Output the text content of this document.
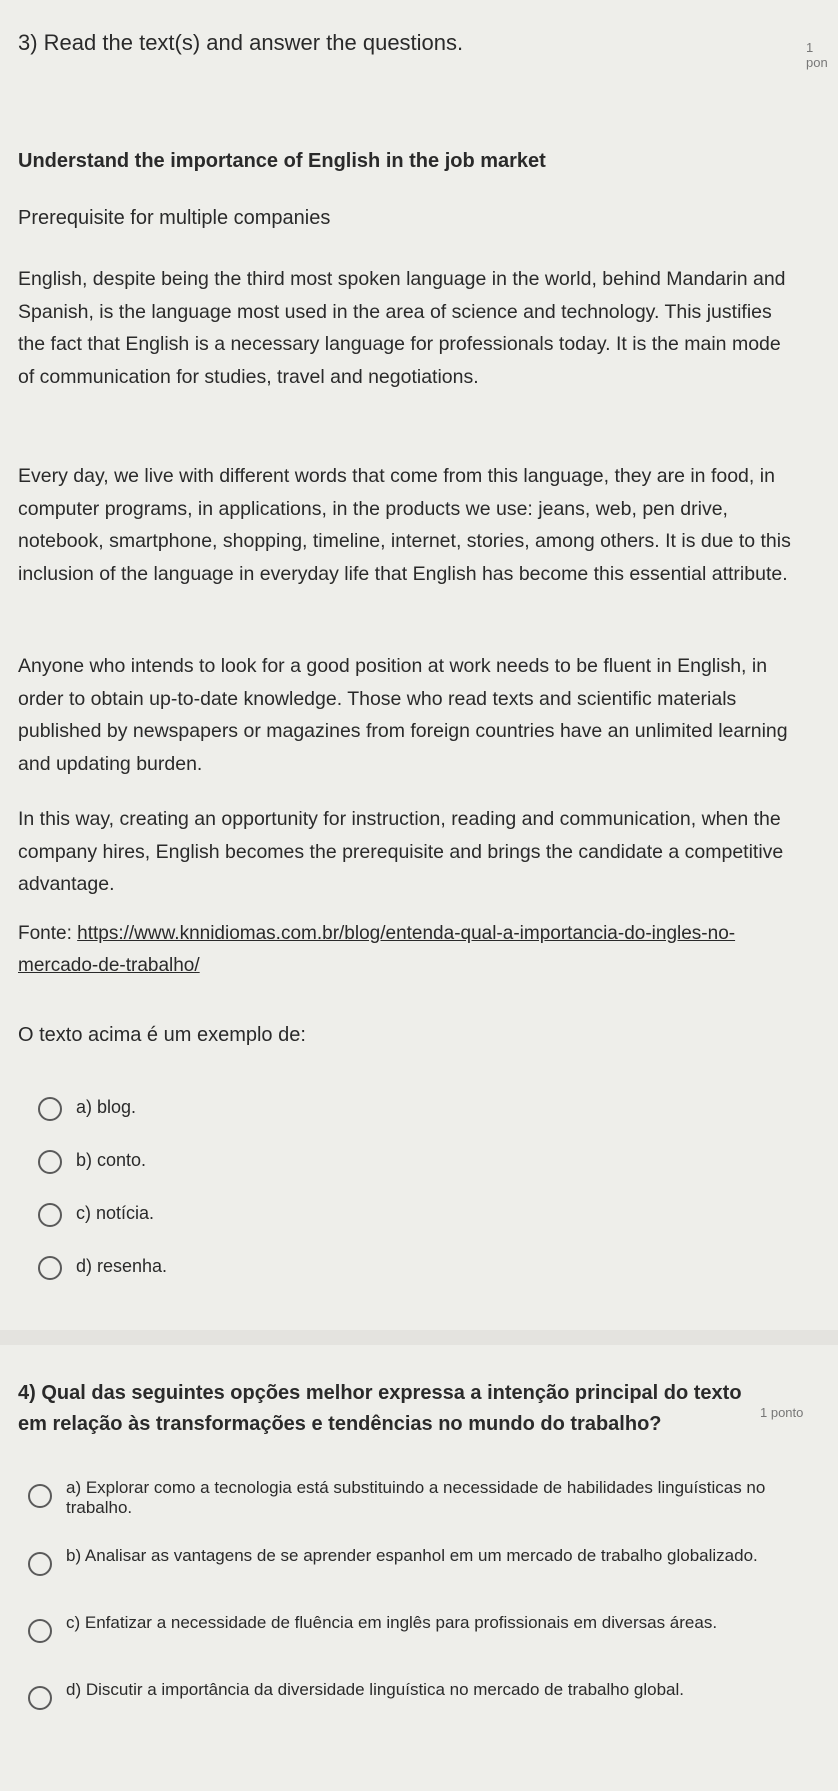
3) Read the text(s) and answer the questions.	1 pon
Understand the importance of English in the job market
Prerequisite for multiple companies

English, despite being the third most spoken language in the world, behind Mandarin and Spanish, is the language most used in the area of science and technology. This justifies the fact that English is a necessary language for professionals today. It is the main mode of communication for studies, travel and negotiations.

Every day, we live with different words that come from this language, they are in food, in computer programs, in applications, in the products we use: jeans, web, pen drive, notebook, smartphone, shopping, timeline, internet, stories, among others. It is due to this inclusion of the language in everyday life that English has become this essential attribute.

Anyone who intends to look for a good position at work needs to be fluent in English, in order to obtain up-to-date knowledge. Those who read texts and scientific materials published by newspapers or magazines from foreign countries have an unlimited learning and updating burden.

In this way, creating an opportunity for instruction, reading and communication, when the company hires, English becomes the prerequisite and brings the candidate a competitive advantage.

Fonte: https://www.knnidiomas.com.br/blog/entenda-qual-a-importancia-do-ingles-no-mercado-de-trabalho/

O texto acima é um exemplo de:
a) blog.
b) conto.
c) notícia.
d) resenha.
1 ponto
4) Qual das seguintes opções melhor expressa a intenção principal do texto em relação às transformações e tendências no mundo do trabalho?
a) Explorar como a tecnologia está substituindo a necessidade de habilidades linguísticas no trabalho.
b) Analisar as vantagens de se aprender espanhol em um mercado de trabalho globalizado.
c) Enfatizar a necessidade de fluência em inglês para profissionais em diversas áreas.
d) Discutir a importância da diversidade linguística no mercado de trabalho global.
